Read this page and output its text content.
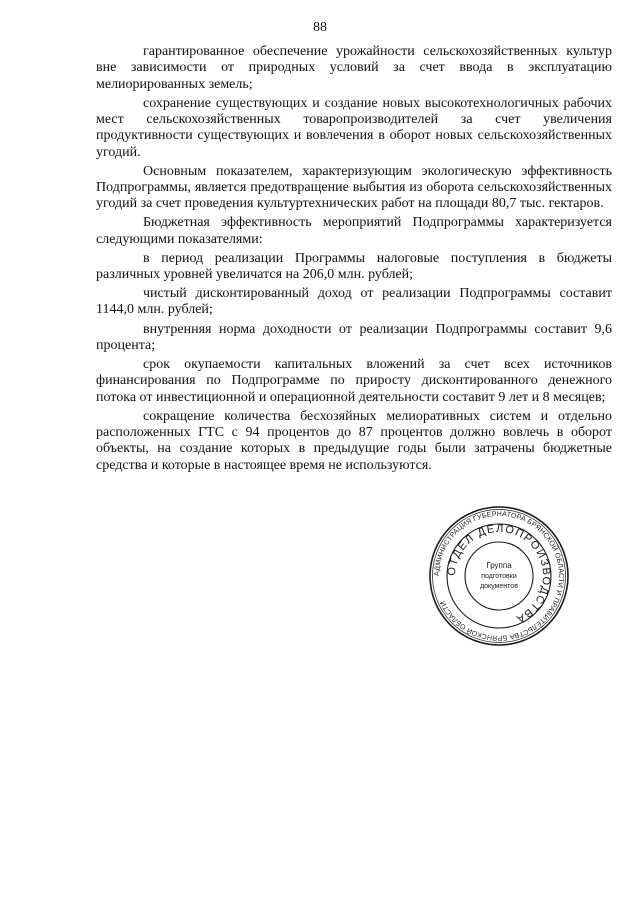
88

гарантированное обеспечение урожайности сельскохозяйственных культур вне зависимости от природных условий за счет ввода в эксплуатацию мелиорированных земель;

сохранение существующих и создание новых высокотехнологичных рабочих мест сельскохозяйственных товаропроизводителей за счет увеличения продуктивности существующих и вовлечения в оборот новых сельскохозяйственных угодий.

Основным показателем, характеризующим экологическую эффективность Подпрограммы, является предотвращение выбытия из оборота сельскохозяйственных угодий за счет проведения культуртехнических работ на площади 80,7 тыс. гектаров.

Бюджетная эффективность мероприятий Подпрограммы характеризуется следующими показателями:

в период реализации Программы налоговые поступления в бюджеты различных уровней увеличатся на 206,0 млн. рублей;

чистый дисконтированный доход от реализации Подпрограммы составит 1144,0 млн. рублей;

внутренняя норма доходности от реализации Подпрограммы составит 9,6 процента;

срок окупаемости капитальных вложений за счет всех источников финансирования по Подпрограмме по приросту дисконтированного денежного потока от инвестиционной и операционной деятельности составит 9 лет и 8 месяцев;

сокращение количества бесхозяйных мелиоративных систем и отдельно расположенных ГТС с 94 процентов до 87 процентов должно вовлечь в оборот объекты, на создание которых в предыдущие годы были затрачены бюджетные средства и которые в настоящее время не используются.

АДМИНИСТРАЦИЯ ГУБЕРНАТОРА БРЯНСКОЙ ОБЛАСТИ И ПРАВИТЕЛЬСТВА БРЯНСКОЙ ОБЛАСТИ
ОТДЕЛ ДЕЛОПРОИЗВОДСТВА
Группа
подготовки
документов
